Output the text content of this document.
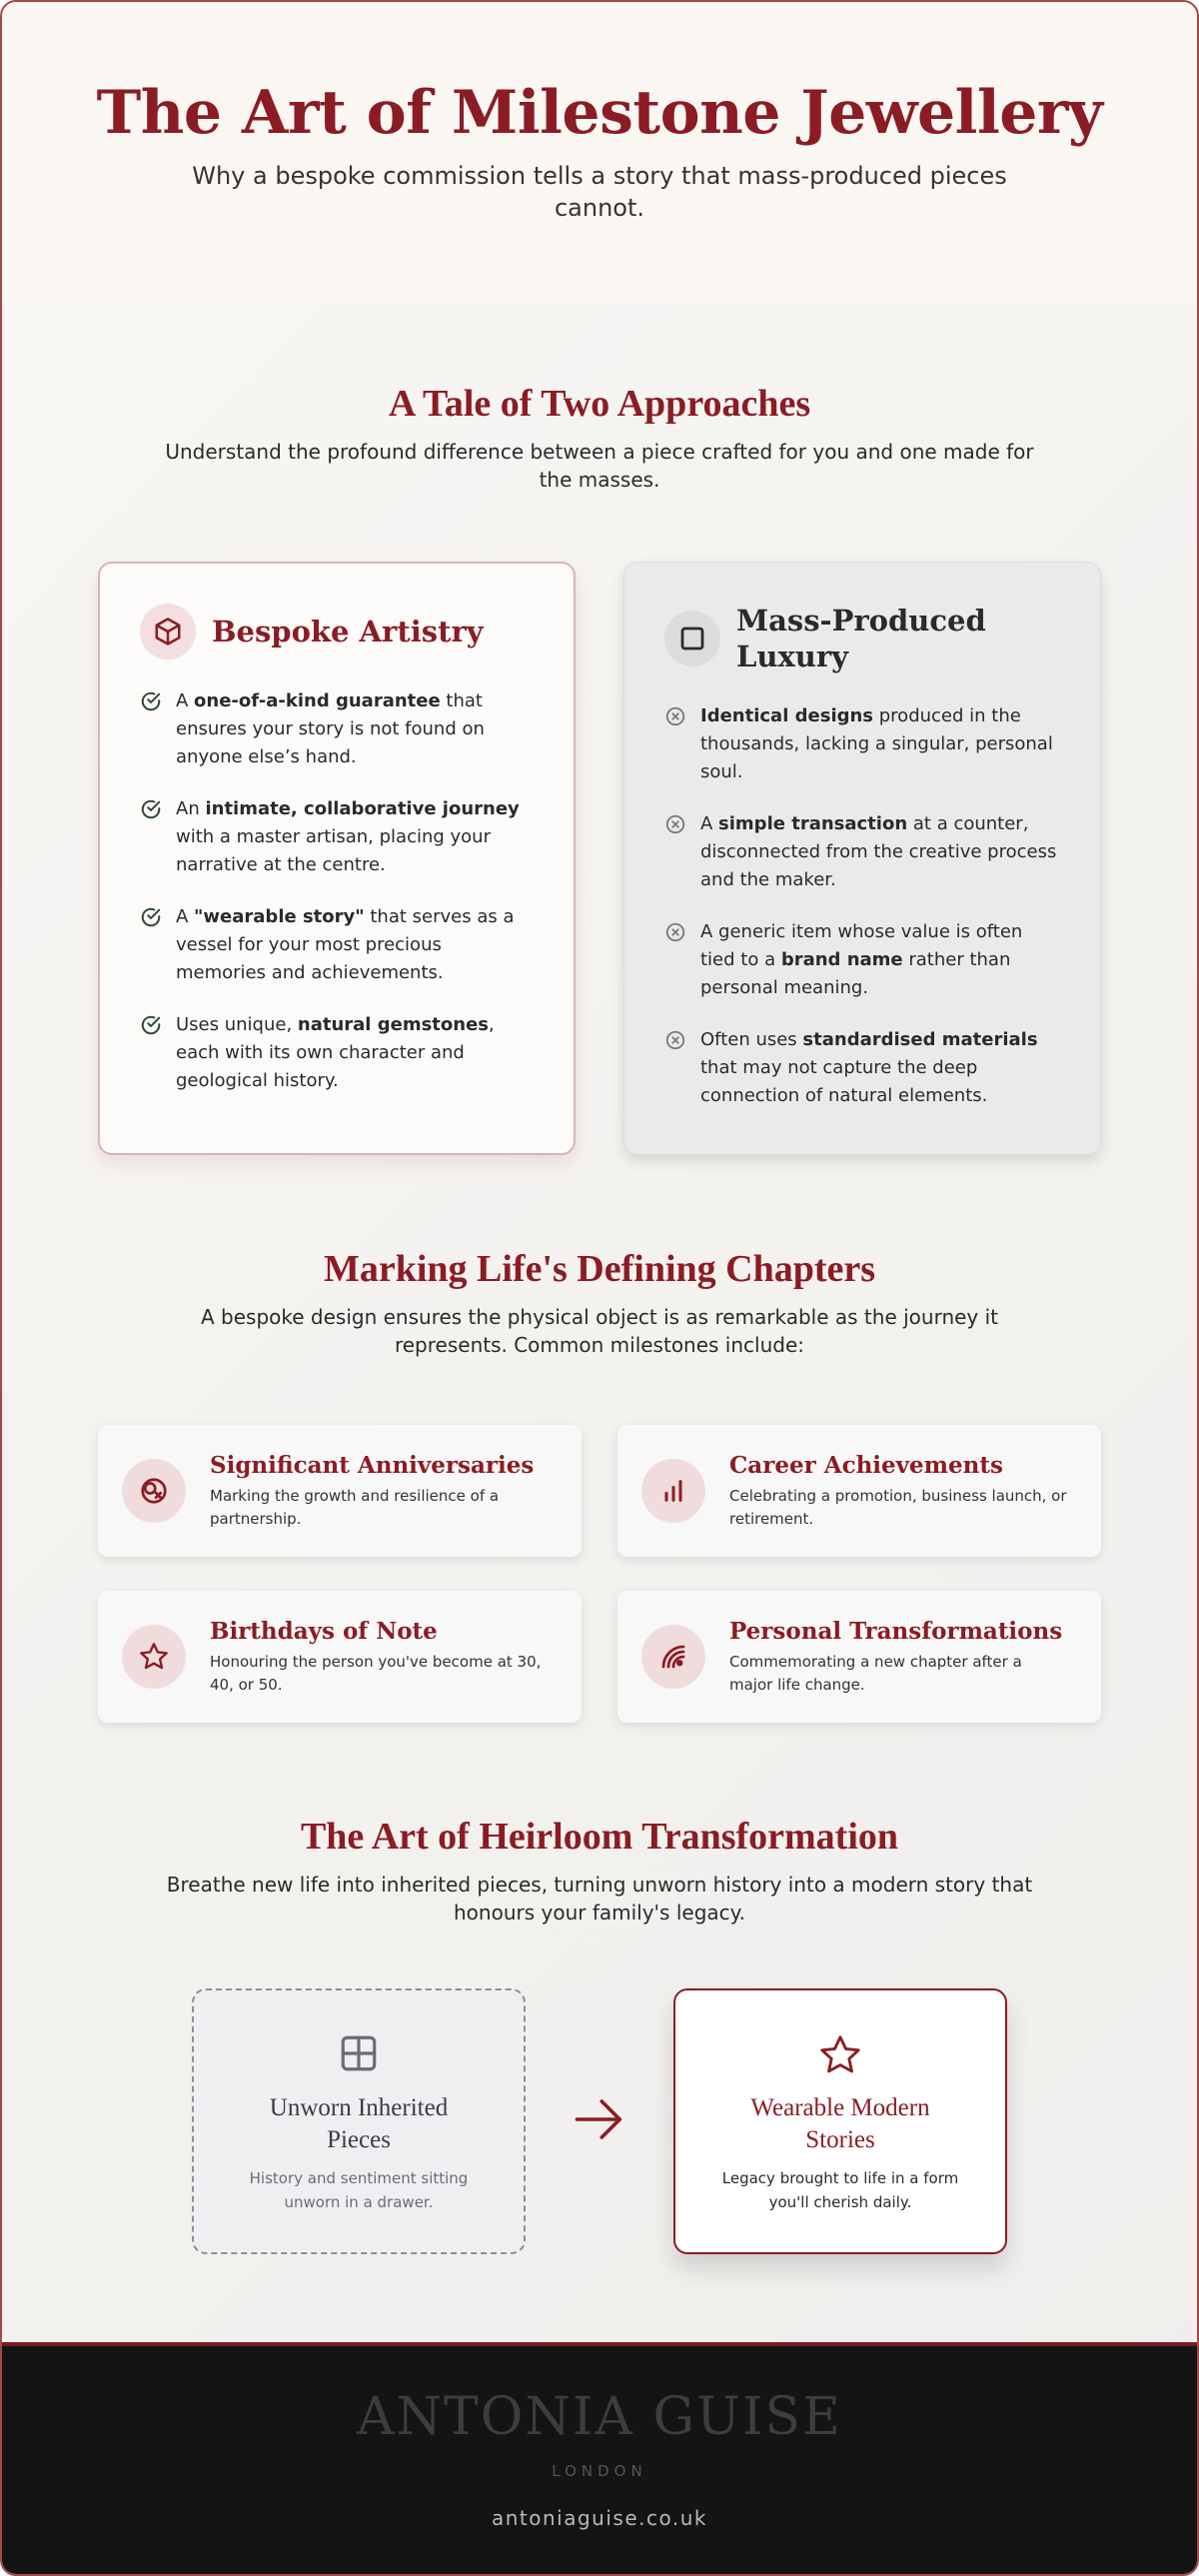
The Art of Milestone Jewellery

Why a bespoke commission tells a story that mass-produced pieces cannot.

A Tale of Two Approaches

Understand the profound difference between a piece crafted for you and one made for the masses.

Bespoke Artistry
A one-of-a-kind guarantee that ensures your story is not found on anyone else’s hand.
An intimate, collaborative journey with a master artisan, placing your narrative at the centre.
A "wearable story" that serves as a vessel for your most precious memories and achievements.
Uses unique, natural gemstones, each with its own character and geological history.
Mass-Produced Luxury
Identical designs produced in the thousands, lacking a singular, personal soul.
A simple transaction at a counter, disconnected from the creative process and the maker.
A generic item whose value is often tied to a brand name rather than personal meaning.
Often uses standardised materials that may not capture the deep connection of natural elements.
Marking Life's Defining Chapters

A bespoke design ensures the physical object is as remarkable as the journey it represents. Common milestones include:

Significant Anniversaries
Marking the growth and resilience of a partnership.
Career Achievements
Celebrating a promotion, business launch, or retirement.
Birthdays of Note
Honouring the person you've become at 30, 40, or 50.
Personal Transformations
Commemorating a new chapter after a major life change.
The Art of Heirloom Transformation

Breathe new life into inherited pieces, turning unworn history into a modern story that honours your family's legacy.

Unworn Inherited Pieces
History and sentiment sitting unworn in a drawer.
Wearable Modern Stories
Legacy brought to life in a form you'll cherish daily.
ANTONIA GUISE
LONDON
antoniaguise.co.uk
